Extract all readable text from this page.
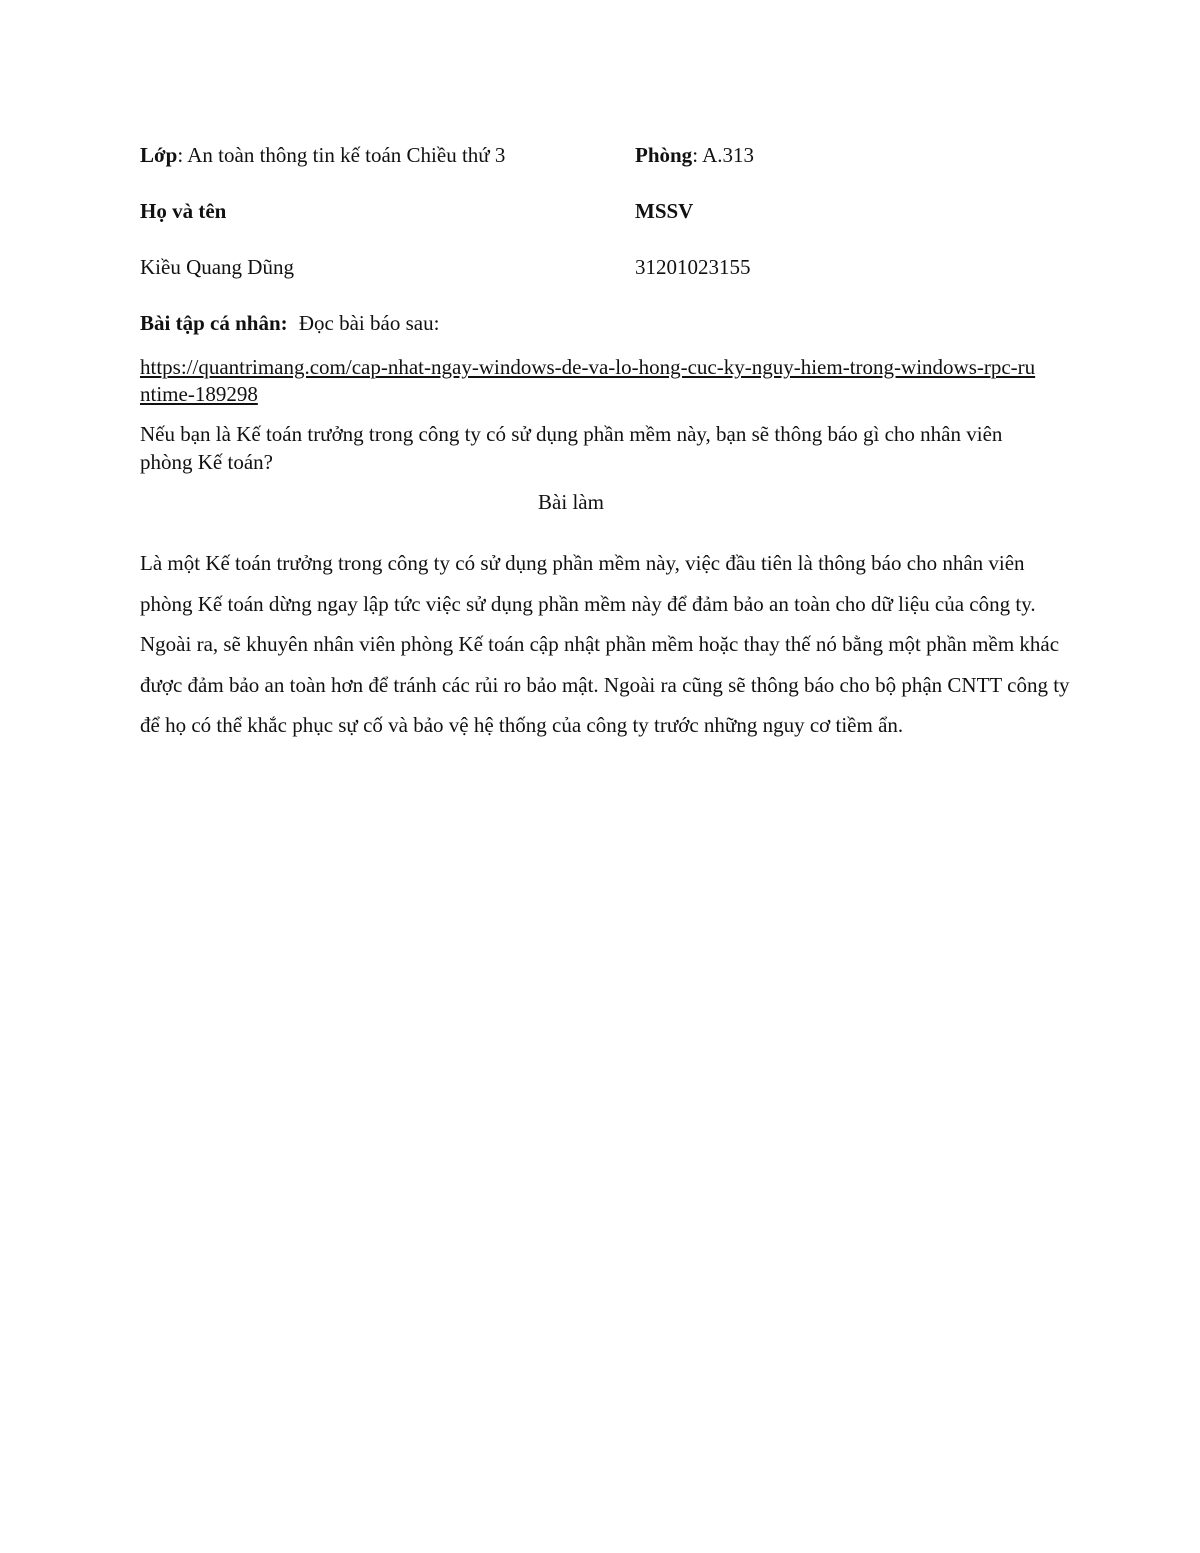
Lớp: An toàn thông tin kế toán Chiều thứ 3	Phòng: A.313
Họ và tên	MSSV
Kiều Quang Dũng	31201023155
Bài tập cá nhân: Đọc bài báo sau:
https://quantrimang.com/cap-nhat-ngay-windows-de-va-lo-hong-cuc-ky-nguy-hiem-trong-windows-rpc-runtime-189298
Nếu bạn là Kế toán trưởng trong công ty có sử dụng phần mềm này, bạn sẽ thông báo gì cho nhân viên phòng Kế toán?
Bài làm
Là một Kế toán trưởng trong công ty có sử dụng phần mềm này, việc đầu tiên là thông báo cho nhân viên phòng Kế toán dừng ngay lập tức việc sử dụng phần mềm này để đảm bảo an toàn cho dữ liệu của công ty. Ngoài ra, sẽ khuyên nhân viên phòng Kế toán cập nhật phần mềm hoặc thay thế nó bằng một phần mềm khác được đảm bảo an toàn hơn để tránh các rủi ro bảo mật. Ngoài ra cũng sẽ thông báo cho bộ phận CNTT công ty để họ có thể khắc phục sự cố và bảo vệ hệ thống của công ty trước những nguy cơ tiềm ẩn.
